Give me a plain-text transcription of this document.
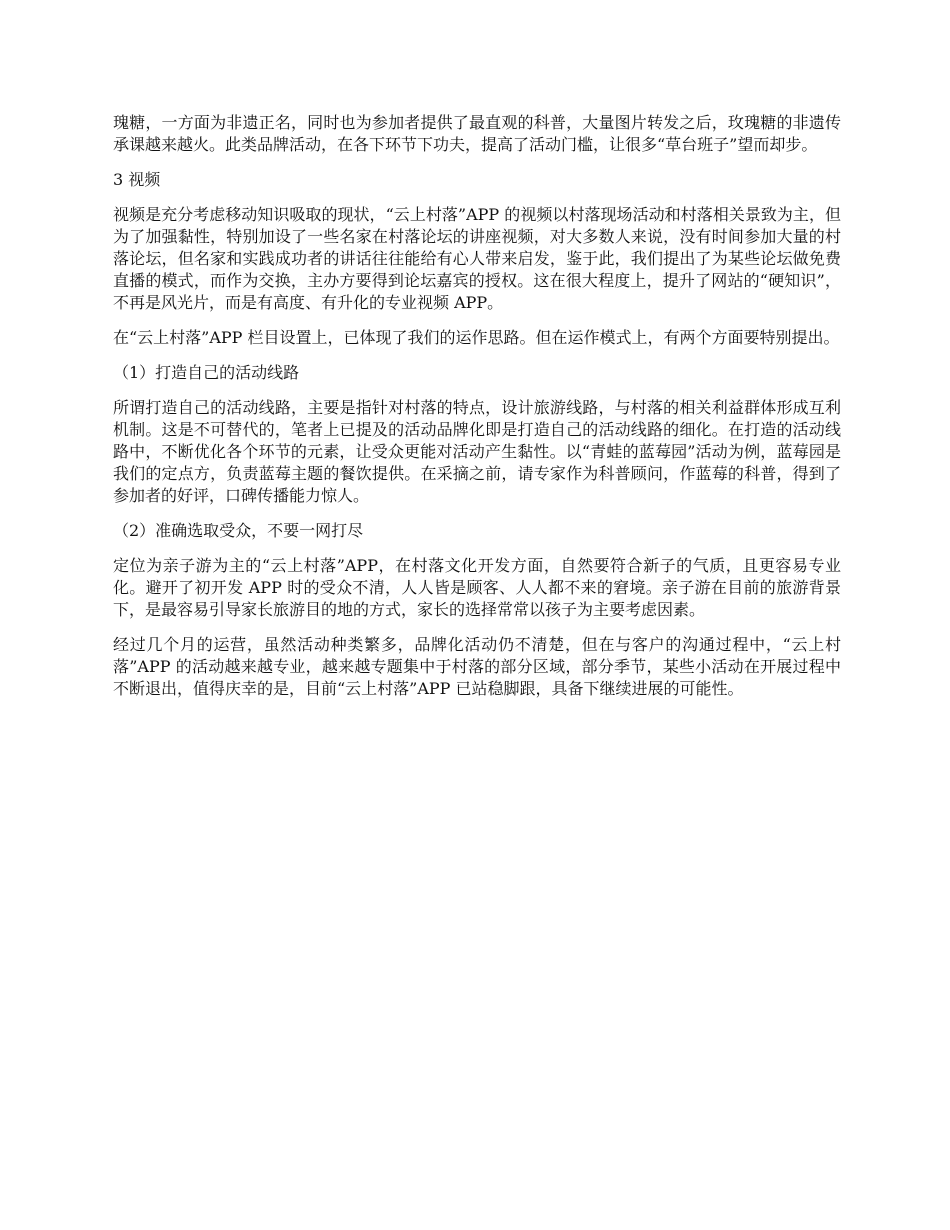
瑰糖，一方面为非遗正名，同时也为参加者提供了最直观的科普，大量图片转发之后，玫瑰糖的非遗传承课越来越火。此类品牌活动，在各下环节下功夫，提高了活动门槛，让很多“草台班子”望而却步。

3 视频

视频是充分考虑移动知识吸取的现状，“云上村落”APP 的视频以村落现场活动和村落相关景致为主，但为了加强黏性，特别加设了一些名家在村落论坛的讲座视频，对大多数人来说，没有时间参加大量的村落论坛，但名家和实践成功者的讲话往往能给有心人带来启发，鉴于此，我们提出了为某些论坛做免费直播的模式，而作为交换，主办方要得到论坛嘉宾的授权。这在很大程度上，提升了网站的“硬知识”，不再是风光片，而是有高度、有升化的专业视频 APP。

在“云上村落”APP 栏目设置上，已体现了我们的运作思路。但在运作模式上，有两个方面要特别提出。

（1）打造自己的活动线路

所谓打造自己的活动线路，主要是指针对村落的特点，设计旅游线路，与村落的相关利益群体形成互利机制。这是不可替代的，笔者上已提及的活动品牌化即是打造自己的活动线路的细化。在打造的活动线路中，不断优化各个环节的元素，让受众更能对活动产生黏性。以“青蛙的蓝莓园”活动为例，蓝莓园是我们的定点方，负责蓝莓主题的餐饮提供。在采摘之前，请专家作为科普顾问，作蓝莓的科普，得到了参加者的好评，口碑传播能力惊人。

（2）准确选取受众，不要一网打尽

定位为亲子游为主的“云上村落”APP，在村落文化开发方面，自然要符合新子的气质，且更容易专业化。避开了初开发 APP 时的受众不清，人人皆是顾客、人人都不来的窘境。亲子游在目前的旅游背景下，是最容易引导家长旅游目的地的方式，家长的选择常常以孩子为主要考虑因素。

经过几个月的运营，虽然活动种类繁多，品牌化活动仍不清楚，但在与客户的沟通过程中，“云上村落”APP 的活动越来越专业，越来越专题集中于村落的部分区域，部分季节，某些小活动在开展过程中不断退出，值得庆幸的是，目前“云上村落”APP 已站稳脚跟，具备下继续进展的可能性。
